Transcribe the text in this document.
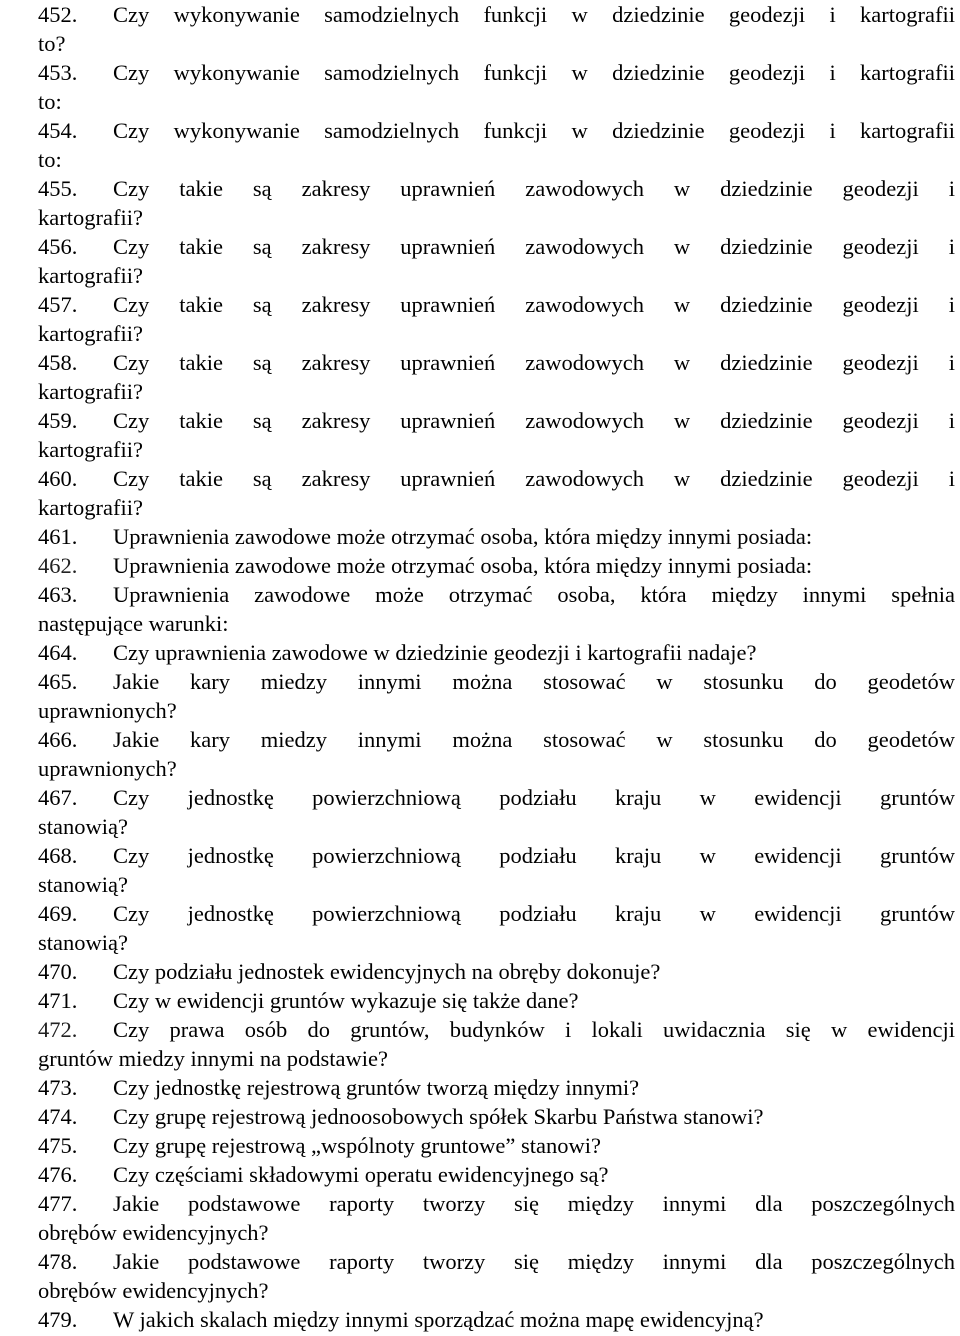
452.	Czy wykonywanie samodzielnych funkcji w dziedzinie geodezji i kartografii
to?
453.	Czy wykonywanie samodzielnych funkcji w dziedzinie geodezji i kartografii
to:
454.	Czy wykonywanie samodzielnych funkcji w dziedzinie geodezji i kartografii
to:
455.	Czy takie są zakresy uprawnień zawodowych w dziedzinie geodezji i
kartografii?
456.	Czy takie są zakresy uprawnień zawodowych w dziedzinie geodezji i
kartografii?
457.	Czy takie są zakresy uprawnień zawodowych w dziedzinie geodezji i
kartografii?
458.	Czy takie są zakresy uprawnień zawodowych w dziedzinie geodezji i
kartografii?
459.	Czy takie są zakresy uprawnień zawodowych w dziedzinie geodezji i
kartografii?
460.	Czy takie są zakresy uprawnień zawodowych w dziedzinie geodezji i
kartografii?
461.	Uprawnienia zawodowe może otrzymać osoba, która między innymi posiada:
462.	Uprawnienia zawodowe może otrzymać osoba, która między innymi posiada:
463.	Uprawnienia zawodowe może otrzymać osoba, która między innymi spełnia
następujące warunki:
464.	Czy uprawnienia zawodowe w dziedzinie geodezji i kartografii nadaje?
465.	Jakie kary miedzy innymi można stosować w stosunku do geodetów
uprawnionych?
466.	Jakie kary miedzy innymi można stosować w stosunku do geodetów
uprawnionych?
467.	Czy jednostkę powierzchniową podziału kraju w ewidencji gruntów
stanowią?
468.	Czy jednostkę powierzchniową podziału kraju w ewidencji gruntów
stanowią?
469.	Czy jednostkę powierzchniową podziału kraju w ewidencji gruntów
stanowią?
470.	Czy podziału jednostek ewidencyjnych na obręby dokonuje?
471.	Czy w ewidencji gruntów wykazuje się także dane?
472.	Czy prawa osób do gruntów, budynków i lokali uwidacznia się w ewidencji
gruntów miedzy innymi na podstawie?
473.	Czy jednostkę rejestrową gruntów tworzą między innymi?
474.	Czy grupę rejestrową jednoosobowych spółek Skarbu Państwa stanowi?
475.	Czy grupę rejestrową „wspólnoty gruntowe” stanowi?
476.	Czy częściami składowymi operatu ewidencyjnego są?
477.	Jakie podstawowe raporty tworzy się między innymi dla poszczególnych
obrębów ewidencyjnych?
478.	Jakie podstawowe raporty tworzy się między innymi dla poszczególnych
obrębów ewidencyjnych?
479.	W jakich skalach między innymi sporządzać można mapę ewidencyjną?
